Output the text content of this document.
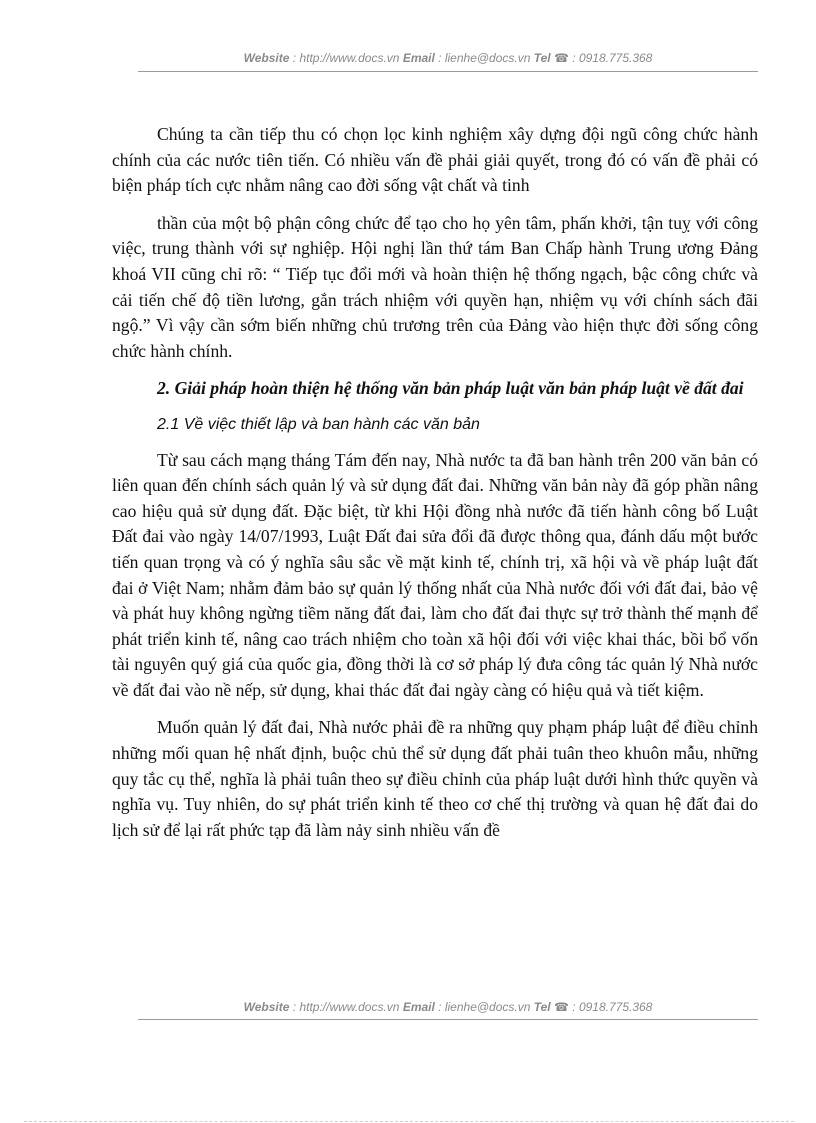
Website : http://www.docs.vn Email : lienhe@docs.vn Tel ☎ : 0918.775.368

Chúng ta cần tiếp thu có chọn lọc kinh nghiệm xây dựng đội ngũ công chức hành chính của các nước tiên tiến. Có nhiều vấn đề phải giải quyết, trong đó có vấn đề phải có biện pháp tích cực nhằm nâng cao đời sống vật chất và tinh

thần của một bộ phận công chức để tạo cho họ yên tâm, phấn khởi, tận tuỵ với công việc, trung thành với sự nghiệp. Hội nghị lần thứ tám Ban Chấp hành Trung ương Đảng khoá VII cũng chỉ rõ: “ Tiếp tục đổi mới và hoàn thiện hệ thống ngạch, bậc công chức và cải tiến chế độ tiền lương, gắn trách nhiệm với quyền hạn, nhiệm vụ với chính sách đãi ngộ.” Vì vậy cần sớm biến những chủ trương trên của Đảng vào hiện thực đời sống công chức hành chính.

2. Giải pháp hoàn thiện hệ thống văn bản pháp luật văn bản pháp luật về đất đai

2.1 Về việc thiết lập và ban hành các văn bản

Từ sau cách mạng tháng Tám đến nay, Nhà nước ta đã ban hành trên 200 văn bản có liên quan đến chính sách quản lý và sử dụng đất đai. Những văn bản này đã góp phần nâng cao hiệu quả sử dụng đất. Đặc biệt, từ khi Hội đồng nhà nước đã tiến hành công bố Luật Đất đai vào ngày 14/07/1993, Luật Đất đai sửa đổi đã được thông qua, đánh dấu một bước tiến quan trọng và có ý nghĩa sâu sắc về mặt kinh tế, chính trị, xã hội và về pháp luật đất đai ở Việt Nam; nhằm đảm bảo sự quản lý thống nhất của Nhà nước đối với đất đai, bảo vệ và phát huy không ngừng tiềm năng đất đai, làm cho đất đai thực sự trở thành thế mạnh để phát triển kinh tế, nâng cao trách nhiệm cho toàn xã hội đối với việc khai thác, bồi bổ vốn tài nguyên quý giá của quốc gia, đồng thời là cơ sở pháp lý đưa công tác quản lý Nhà nước về đất đai vào nề nếp, sử dụng, khai thác đất đai ngày càng có hiệu quả và tiết kiệm.

Muốn quản lý đất đai, Nhà nước phải đề ra những quy phạm pháp luật để điều chỉnh những mối quan hệ nhất định, buộc chủ thể sử dụng đất phải tuân theo khuôn mẫu, những quy tắc cụ thể, nghĩa là phải tuân theo sự điều chỉnh của pháp luật dưới hình thức quyền và nghĩa vụ. Tuy nhiên, do sự phát triển kinh tế theo cơ chế thị trường và quan hệ đất đai do lịch sử để lại rất phức tạp đã làm nảy sinh nhiều vấn đề

Website : http://www.docs.vn Email : lienhe@docs.vn Tel ☎ : 0918.775.368
